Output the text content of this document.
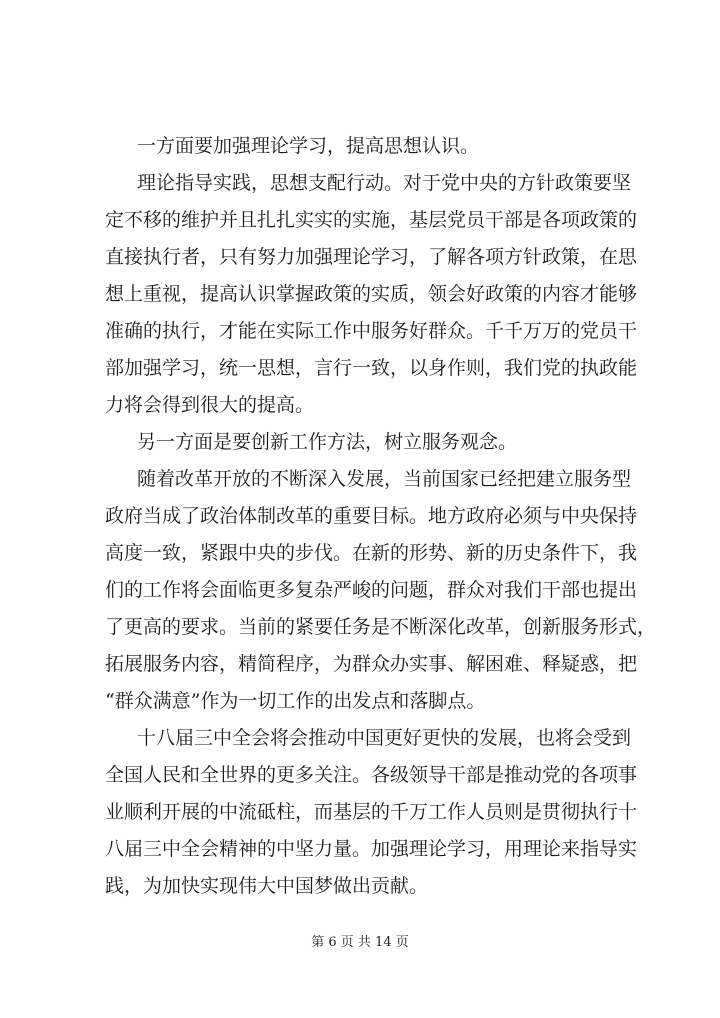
一方面要加强理论学习，提高思想认识。
理论指导实践，思想支配行动。对于党中央的方针政策要坚
定不移的维护并且扎扎实实的实施，基层党员干部是各项政策的
直接执行者，只有努力加强理论学习，了解各项方针政策，在思
想上重视，提高认识掌握政策的实质，领会好政策的内容才能够
准确的执行，才能在实际工作中服务好群众。千千万万的党员干
部加强学习，统一思想，言行一致，以身作则，我们党的执政能
力将会得到很大的提高。
另一方面是要创新工作方法，树立服务观念。
随着改革开放的不断深入发展，当前国家已经把建立服务型
政府当成了政治体制改革的重要目标。地方政府必须与中央保持
高度一致，紧跟中央的步伐。在新的形势、新的历史条件下，我
们的工作将会面临更多复杂严峻的问题，群众对我们干部也提出
了更高的要求。当前的紧要任务是不断深化改革，创新服务形式，
拓展服务内容，精简程序，为群众办实事、解困难、释疑惑，把
“群众满意”作为一切工作的出发点和落脚点。
十八届三中全会将会推动中国更好更快的发展，也将会受到
全国人民和全世界的更多关注。各级领导干部是推动党的各项事
业顺利开展的中流砥柱，而基层的千万工作人员则是贯彻执行十
八届三中全会精神的中坚力量。加强理论学习，用理论来指导实
践，为加快实现伟大中国梦做出贡献。
第 6 页 共 14 页
